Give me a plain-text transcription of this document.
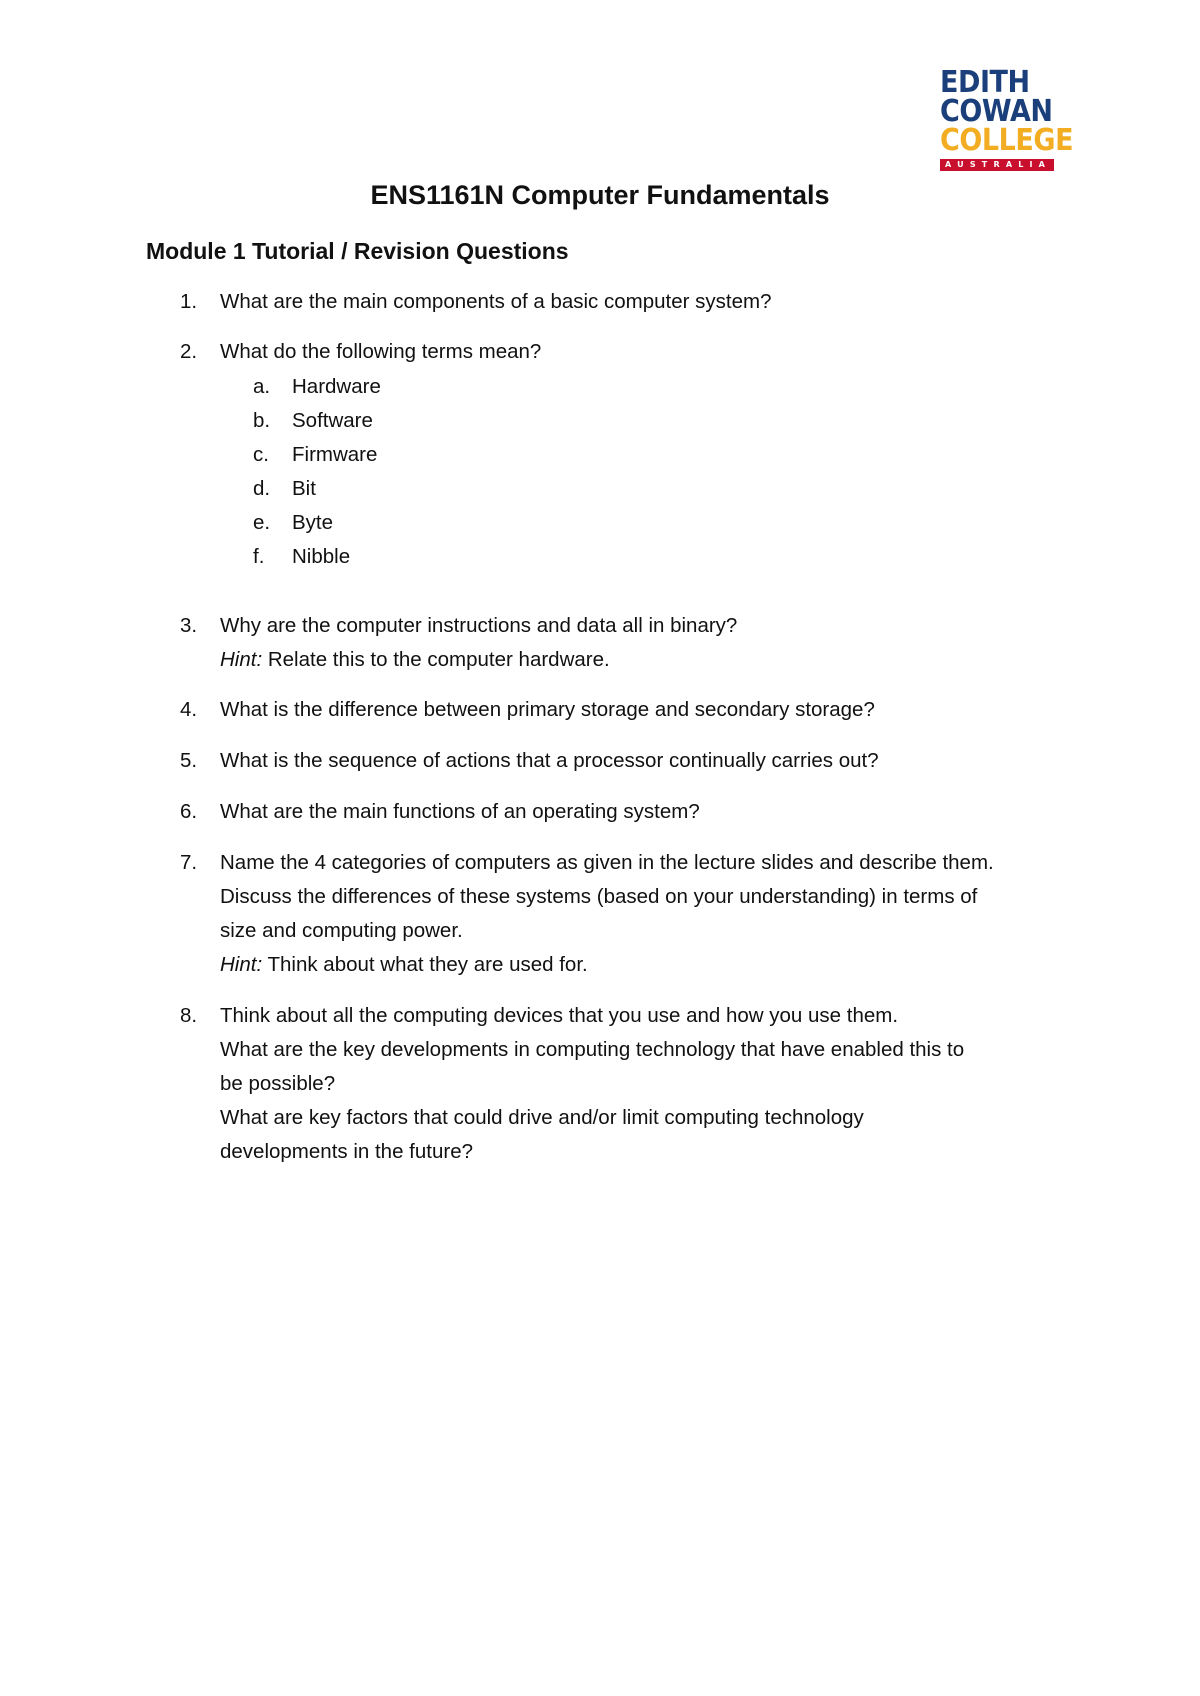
EDITH
COWAN
COLLEGE
AUSTRALIA
ENS1161N Computer Fundamentals
Module 1 Tutorial / Revision Questions
1.	What are the main components of a basic computer system?
2.	What do the following terms mean?
3.	Why are the computer instructions and data all in binary?
Hint: Relate this to the computer hardware.
4.	What is the difference between primary storage and secondary storage?
5.	What is the sequence of actions that a processor continually carries out?
6.	What are the main functions of an operating system?
7.	Name the 4 categories of computers as given in the lecture slides and describe them.
Discuss the differences of these systems (based on your understanding) in terms of
size and computing power.
Hint: Think about what they are used for.
8.	Think about all the computing devices that you use and how you use them.
What are the key developments in computing technology that have enabled this to
be possible?
What are key factors that could drive and/or limit computing technology
developments in the future?
a.	Hardware
b.	Software
c.	Firmware
d.	Bit
e.	Byte
f.	Nibble
